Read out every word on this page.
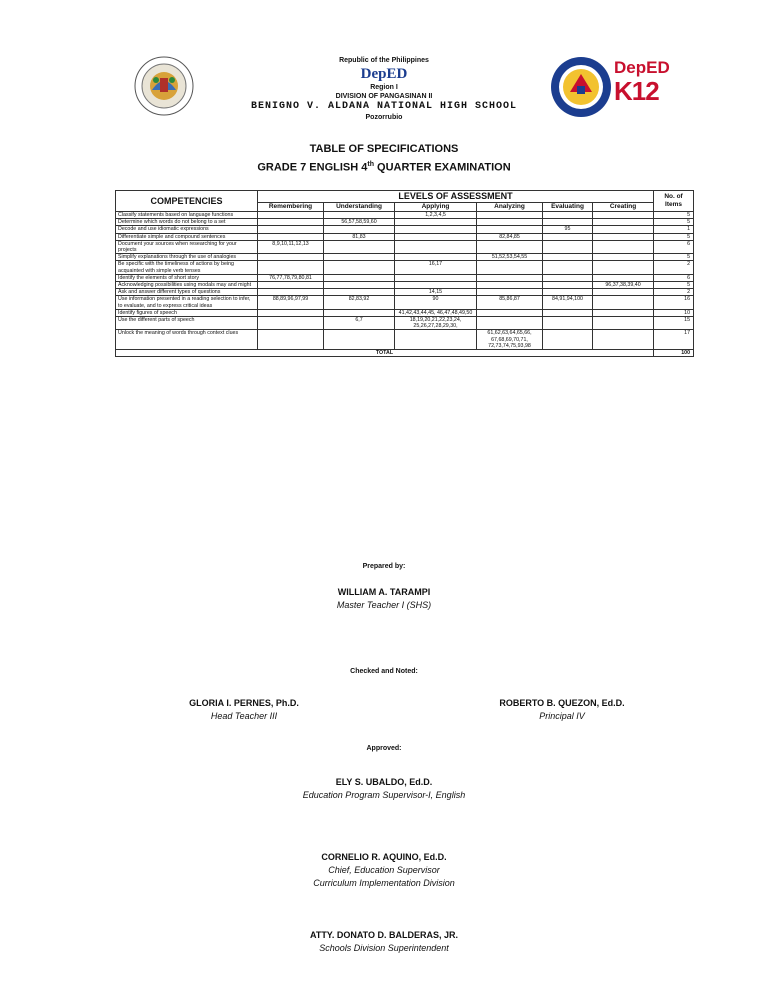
Republic of the Philippines
DepED
Region I
DIVISION OF PANGASINAN II
BENIGNO V. ALDANA NATIONAL HIGH SCHOOL
Pozorrubio
DepED
K12
TABLE OF SPECIFICATIONS
GRADE 7 ENGLISH 4th QUARTER EXAMINATION
COMPETENCIES	LEVELS OF ASSESSMENT						No. of Items
	Remembering	Understanding	Applying	Analyzing	Evaluating	Creating	
Classify statements based on language functions			1,2,3,4,5				5
Determine which words do not belong to a set		56,57,58,59,60					5
Decode and use idiomatic expressions					95		1
Differentiate simple and compound sentences		81,83		82,84,85			5
Document your sources when researching for your projects	8,9,10,11,12,13						6
Simplify explanations through the use of analogies				51,52,53,54,55			5
Be specific with the timeliness of actions by being acquainted with simple verb tenses			16,17				2
Identify the elements of short story	76,77,78,79,80,81						6
Acknowledging possibilities using modals may and might						96,37,38,39,40	5
Ask and answer different types of questions			14,15				2
Use information presented in a reading selection to infer, to evaluate, and to express critical ideas	88,89,96,97,99	82,83,92	90	85,86,87	84,91,94,100		16
Identify figures of speech			41,42,43,44,45, 46,47,48,49,50				10
Use the different parts of speech		6,7	18,19,20,21,22,23,24, 25,26,27,28,29,30,				15
Unlock the meaning of words through context clues				61,62,63,64,65,66, 67,68,69,70,71, 72,73,74,75,93,98			17
TOTAL							100
Prepared by:
WILLIAM A. TARAMPI
Master Teacher I (SHS)
Checked and Noted:
GLORIA I. PERNES, Ph.D.
Head Teacher III
ROBERTO B. QUEZON, Ed.D.
Principal IV
Approved:
ELY S. UBALDO, Ed.D.
Education Program Supervisor-I, English
CORNELIO R. AQUINO, Ed.D.
Chief, Education Supervisor
Curriculum Implementation Division
ATTY. DONATO D. BALDERAS, JR.
Schools Division Superintendent
